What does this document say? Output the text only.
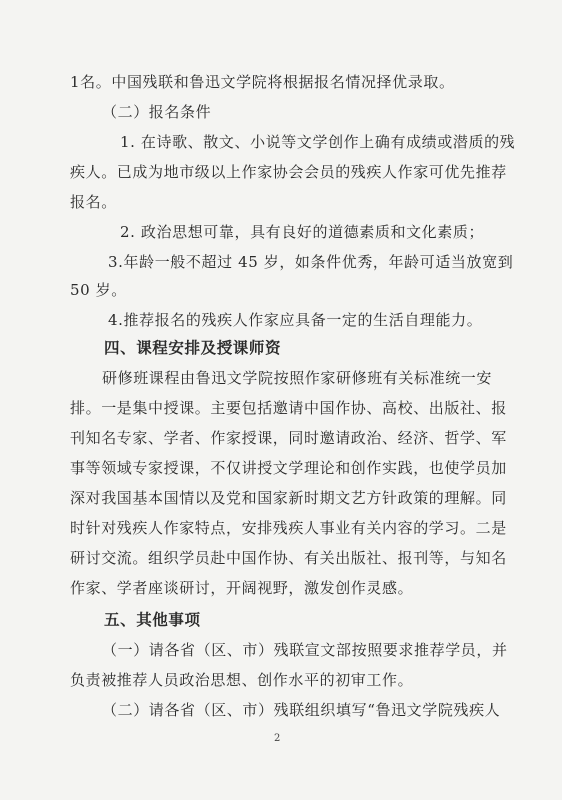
1名。中国残联和鲁迅文学院将根据报名情况择优录取。
（二）报名条件
1. 在诗歌、散文、小说等文学创作上确有成绩或潜质的残
疾人。已成为地市级以上作家协会会员的残疾人作家可优先推荐
报名。
2. 政治思想可靠，具有良好的道德素质和文化素质；
3.年龄一般不超过 45 岁，如条件优秀，年龄可适当放宽到
50 岁。
4.推荐报名的残疾人作家应具备一定的生活自理能力。
四、课程安排及授课师资
研修班课程由鲁迅文学院按照作家研修班有关标准统一安
排。一是集中授课。主要包括邀请中国作协、高校、出版社、报
刊知名专家、学者、作家授课，同时邀请政治、经济、哲学、军
事等领域专家授课，不仅讲授文学理论和创作实践，也使学员加
深对我国基本国情以及党和国家新时期文艺方针政策的理解。同
时针对残疾人作家特点，安排残疾人事业有关内容的学习。二是
研讨交流。组织学员赴中国作协、有关出版社、报刊等，与知名
作家、学者座谈研讨，开阔视野，激发创作灵感。
五、其他事项
（一）请各省（区、市）残联宣文部按照要求推荐学员，并
负责被推荐人员政治思想、创作水平的初审工作。
（二）请各省（区、市）残联组织填写“鲁迅文学院残疾人
2
